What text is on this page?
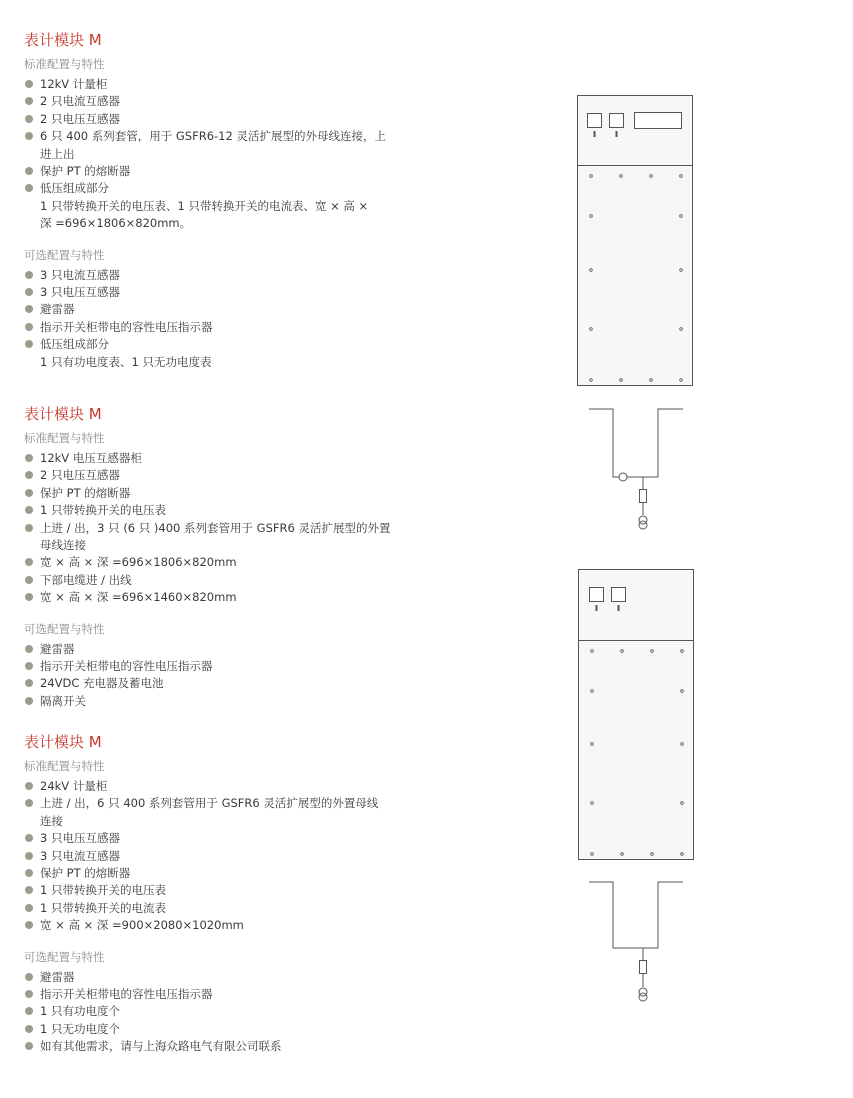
表计模块 M
标准配置与特性
12kV 计量柜
2 只电流互感器
2 只电压互感器
6 只 400 系列套管，用于 GSFR6-12 灵活扩展型的外母线连接，上
进上出
保护 PT 的熔断器
低压组成部分
1 只带转换开关的电压表、1 只带转换开关的电流表、宽 × 高 ×
深 =696×1806×820mm。
可选配置与特性
3 只电流互感器
3 只电压互感器
避雷器
指示开关柜带电的容性电压指示器
低压组成部分
1 只有功电度表、1 只无功电度表
表计模块 M
标准配置与特性
12kV 电压互感器柜
2 只电压互感器
保护 PT 的熔断器
1 只带转换开关的电压表
上进 / 出，3 只 (6 只 )400 系列套管用于 GSFR6 灵活扩展型的外置
母线连接
宽 × 高 × 深 =696×1806×820mm
下部电缆进 / 出线
宽 × 高 × 深 =696×1460×820mm
可选配置与特性
避雷器
指示开关柜带电的容性电压指示器
24VDC 充电器及蓄电池
隔离开关
表计模块 M
标准配置与特性
24kV 计量柜
上进 / 出，6 只 400 系列套管用于 GSFR6 灵活扩展型的外置母线
连接
3 只电压互感器
3 只电流互感器
保护 PT 的熔断器
1 只带转换开关的电压表
1 只带转换开关的电流表
宽 × 高 × 深 =900×2080×1020mm
可选配置与特性
避雷器
指示开关柜带电的容性电压指示器
1 只有功电度个
1 只无功电度个
如有其他需求，请与上海众路电气有限公司联系
